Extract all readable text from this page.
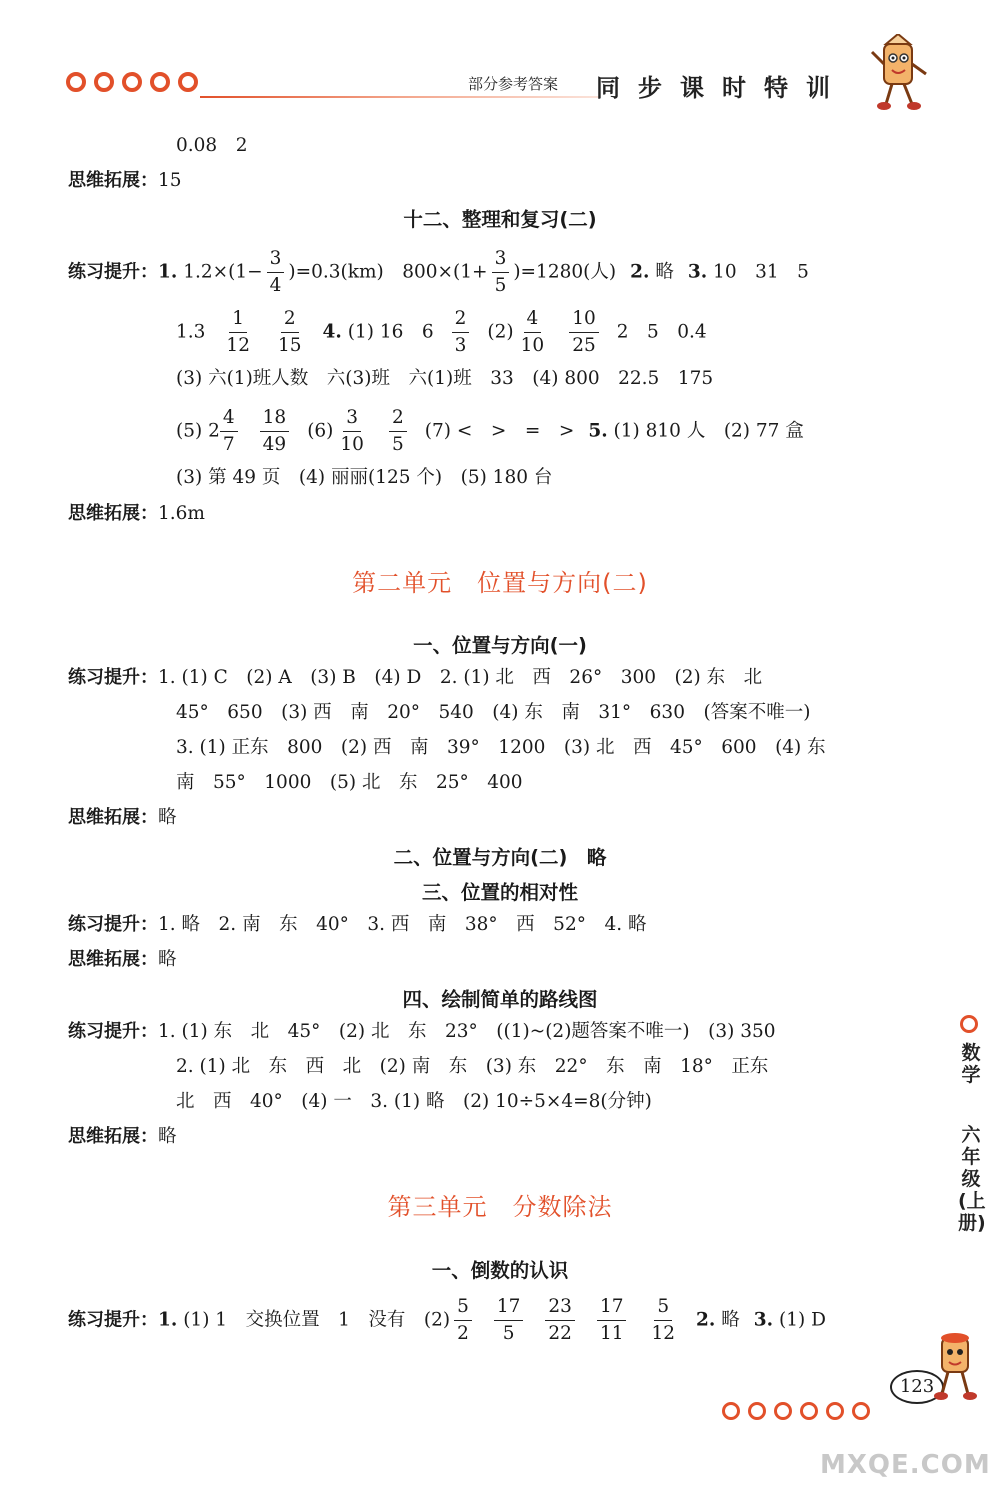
部分参考答案 同步课时特训
0.08　2
思维拓展：15
十二、整理和复习(二)
练习提升：1. $1.2\times(1- \frac{3}{4} )=0.3(km)$　$800\times(1+ \frac{3}{5} )=1280$(人) 2. 略 3. 10　31　5
$1.3 \frac{1}{12} \frac{2}{15} 4$. (1) 16　$6 \frac{2}{3} (2) \frac{4}{10} \frac{10}{25} 2$　5　0.4
(3) 六(1)班人数　六(3)班　六(1)班　33　(4) 800　22.5　175
(5) $2 \frac{4}{7} \frac{18}{49} (6) \frac{3}{10} \frac{2}{5} (7)$ <　>　=　> 5. (1) 810 人　(2) 77 盒
(3) 第 49 页　(4) 丽丽(125 个)　(5) 180 台
思维拓展：1.6m
第二单元　位置与方向(二)
一、位置与方向(一)
练习提升：1. (1) C　(2) A　(3) B　(4) D　2. (1) 北　西　26°　300　(2) 东　北
45°　650　(3) 西　南　20°　540　(4) 东　南　31°　630　(答案不唯一)
3. (1) 正东　800　(2) 西　南　39°　1200　(3) 北　西　45°　600　(4) 东
南　55°　1000　(5) 北　东　25°　400
思维拓展：略
二、位置与方向(二)　略
三、位置的相对性
练习提升：1. 略　2. 南　东　40°　3. 西　南　38°　西　52°　4. 略
思维拓展：略
四、绘制简单的路线图
练习提升：1. (1) 东　北　45°　(2) 北　东　23°　((1)~(2)题答案不唯一)　(3) 350
2. (1) 北　东　西　北　(2) 南　东　(3) 东　22°　东　南　18°　正东
北　西　40°　(4) 一　3. (1) 略　(2) 10÷5×4=8(分钟)
思维拓展：略
第三单元　分数除法
一、倒数的认识
练习提升：1. (1) 1　交换位置　1　没有　$(2) \frac{5}{2} \frac{17}{5} \frac{23}{22} \frac{17}{11} \frac{5}{12} 2$. 略 3. (1) D
数学
六年级(上册)
123
MXQE.COM
